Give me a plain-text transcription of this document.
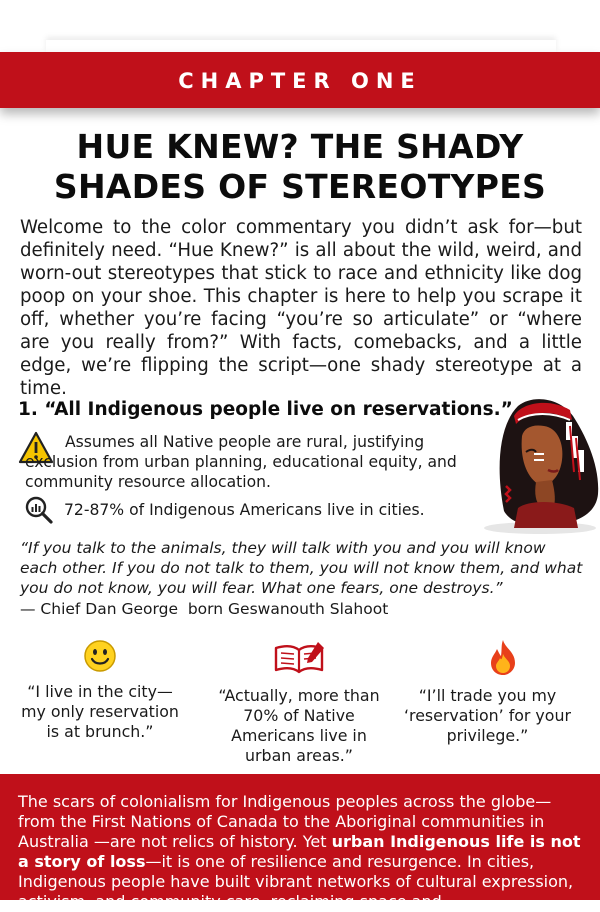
CHAPTER ONE
HUE KNEW? THE SHADY
SHADES OF STEREOTYPES
Welcome to the color commentary you didn’t ask for—but definitely need. “Hue Knew?” is all about the wild, weird, and worn-out stereotypes that stick to race and ethnicity like dog poop on your shoe. This chapter is here to help you scrape it off, whether you’re facing “you’re so articulate” or “where are you really from?” With facts, comebacks, and a little edge, we’re flipping the script—one shady stereotype at a time.
1. “All Indigenous people live on reservations.”
Assumes all Native people are rural, justifying exclusion from urban planning, educational equity, and community resource allocation.
72-87% of Indigenous Americans live in cities.
“If you talk to the animals, they will talk with you and you will know each other. If you do not talk to them, you will not know them, and what you do not know, you will fear. What one fears, one destroys.”
— Chief Dan George  born Geswanouth Slahoot
“I live in the city—my only reservation is at brunch.”
“Actually, more than 70% of Native Americans live in urban areas.”
“I’ll trade you my ‘reservation’ for your privilege.”
The scars of colonialism for Indigenous peoples across the globe—from the First Nations of Canada to the Aboriginal communities in Australia —are not relics of history. Yet urban Indigenous life is not a story of loss—it is one of resilience and resurgence. In cities, Indigenous people have built vibrant networks of cultural expression, activism, and community care, reclaiming space and
